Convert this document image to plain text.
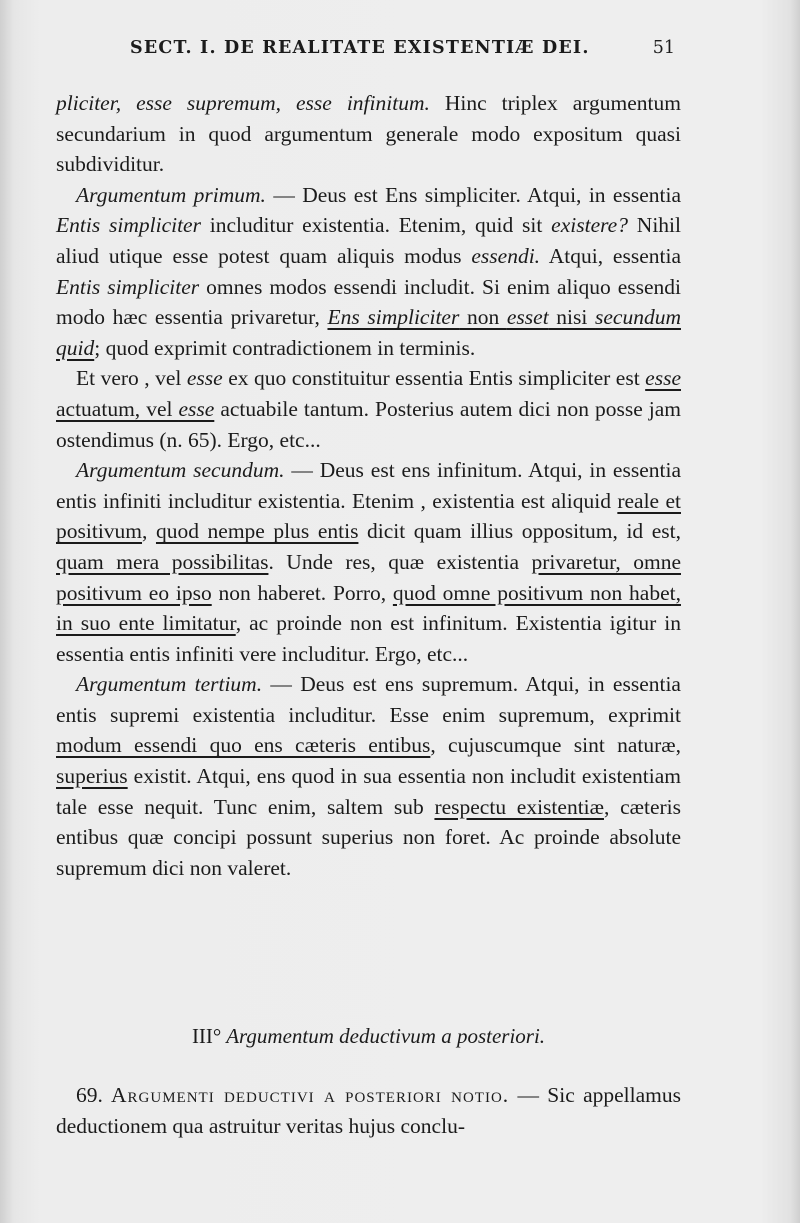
SECT. I. DE REALITATE EXISTENTIÆ DEI.	51

pliciter, esse supremum, esse infinitum. Hinc triplex argumentum secundarium in quod argumentum generale modo expositum quasi subdividitur.

Argumentum primum. — Deus est Ens simpliciter. Atqui, in essentia Entis simpliciter includitur existentia. Etenim, quid sit existere? Nihil aliud utique esse potest quam aliquis modus essendi. Atqui, essentia Entis simpliciter omnes modos essendi includit. Si enim aliquo essendi modo hæc essentia privaretur, Ens simpliciter non esset nisi secundum quid; quod exprimit contradictionem in terminis.

Et vero , vel esse ex quo constituitur essentia Entis simpliciter est esse actuatum, vel esse actuabile tantum. Posterius autem dici non posse jam ostendimus (n. 65). Ergo, etc...

Argumentum secundum. — Deus est ens infinitum. Atqui, in essentia entis infiniti includitur existentia. Etenim , existentia est aliquid reale et positivum, quod nempe plus entis dicit quam illius oppositum, id est, quam mera possibilitas. Unde res, quæ existentia privaretur, omne positivum eo ipso non haberet. Porro, quod omne positivum non habet, in suo ente limitatur, ac proinde non est infinitum. Existentia igitur in essentia entis infiniti vere includitur. Ergo, etc...

Argumentum tertium. — Deus est ens supremum. Atqui, in essentia entis supremi existentia includitur. Esse enim supremum, exprimit modum essendi quo ens cæteris entibus, cujuscumque sint naturæ, superius existit. Atqui, ens quod in sua essentia non includit existentiam tale esse nequit. Tunc enim, saltem sub respectu existentiæ, cæteris entibus quæ concipi possunt superius non foret. Ac proinde absolute supremum dici non valeret.

III° Argumentum deductivum a posteriori.
69. Argumenti deductivi a posteriori notio. — Sic appellamus deductionem qua astruitur veritas hujus conclu-
